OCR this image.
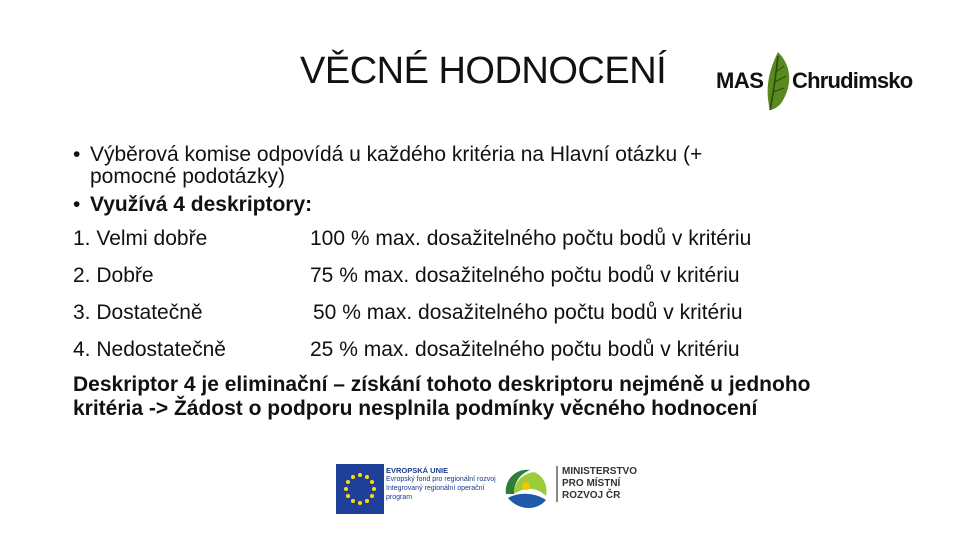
VĚCNÉ HODNOCENÍ MAS Chrudimsko
• Výběrová komise odpovídá u každého kritéria na Hlavní otázku (+
pomocné podotázky)
• Využívá 4 deskriptory:
1. Velmi dobře	100 % max. dosažitelného počtu bodů v kritériu
2. Dobře	75 % max. dosažitelného počtu bodů v kritériu
3. Dostatečně	50 % max. dosažitelného počtu bodů v kritériu
4. Nedostatečně	25 % max. dosažitelného počtu bodů v kritériu
Deskriptor 4 je eliminační – získání tohoto deskriptoru nejméně u jednoho kritéria -> Žádost o podporu nesplnila podmínky věcného hodnocení
EVROPSKÁ UNIE
Evropský fond pro regionální rozvoj
Integrovaný regionální operační program
MINISTERSTVO
PRO MÍSTNÍ
ROZVOJ ČR
